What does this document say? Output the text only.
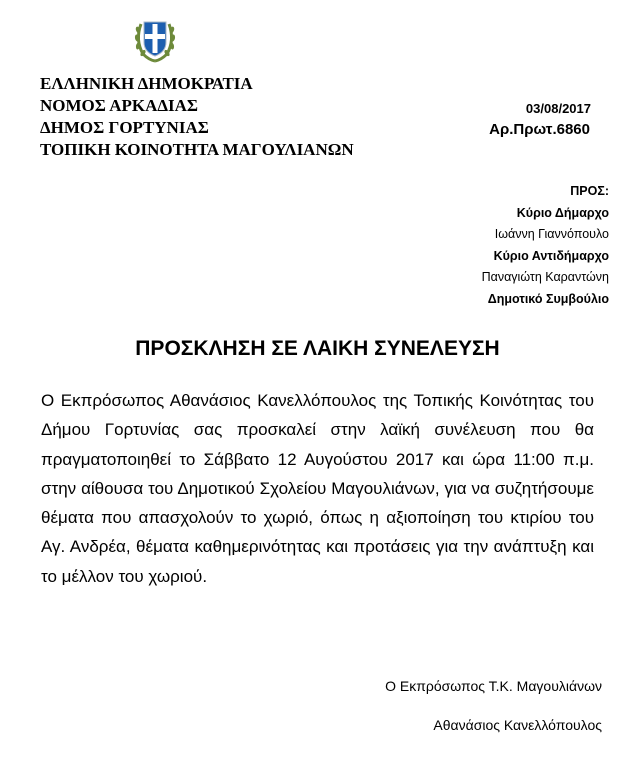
ΕΛΛΗΝΙΚΗ ΔΗΜΟΚΡΑΤΙΑ
ΝΟΜΟΣ ΑΡΚΑΔΙΑΣ
ΔΗΜΟΣ ΓΟΡΤΥΝΙΑΣ
ΤΟΠΙΚΗ ΚΟΙΝΟΤΗΤΑ ΜΑΓΟΥΛΙΑΝΩΝ
03/08/2017
Αρ.Πρωτ.6860
ΠΡΟΣ:
Κύριο Δήμαρχο
Ιωάννη Γιαννόπουλο
Κύριο Αντιδήμαρχο
Παναγιώτη Καραντώνη
Δημοτικό Συμβούλιο
ΠΡΟΣΚΛΗΣΗ ΣΕ ΛΑΙΚΗ ΣΥΝΕΛΕΥΣΗ
Ο Εκπρόσωπος Αθανάσιος Κανελλόπουλος της Τοπικής Κοινότητας του Δήμου Γορτυνίας σας προσκαλεί στην λαϊκή συνέλευση που θα πραγματοποιηθεί το Σάββατο 12 Αυγούστου 2017 και ώρα 11:00 π.μ. στην αίθουσα του Δημοτικού Σχολείου Μαγουλιάνων, για να συζητήσουμε θέματα που απασχολούν το χωριό, όπως η αξιοποίηση του κτιρίου του Αγ. Ανδρέα, θέματα καθημερινότητας και προτάσεις για την ανάπτυξη και το μέλλον του χωριού.
Ο Εκπρόσωπος Τ.Κ. Μαγουλιάνων
Αθανάσιος Κανελλόπουλος
